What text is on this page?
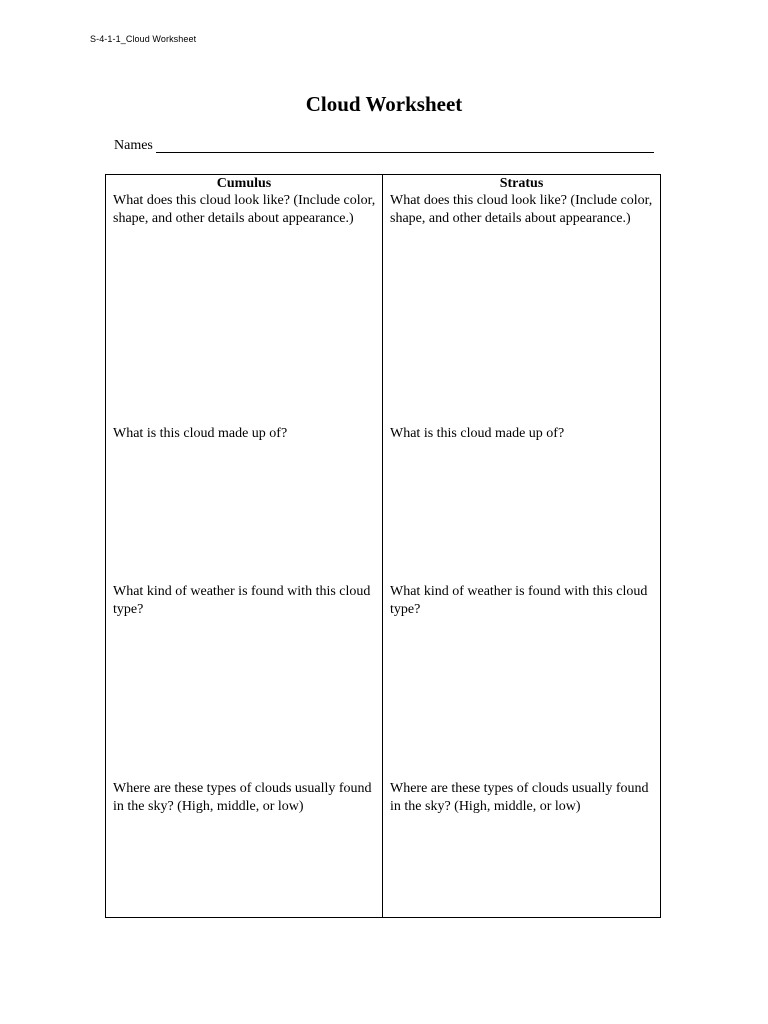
S-4-1-1_Cloud Worksheet
Cloud Worksheet
Names
Cumulus
What does this cloud look like? (Include color, shape, and other details about appearance.)
What is this cloud made up of?
What kind of weather is found with this cloud type?
Where are these types of clouds usually found in the sky? (High, middle, or low)
Stratus
What does this cloud look like? (Include color, shape, and other details about appearance.)
What is this cloud made up of?
What kind of weather is found with this cloud type?
Where are these types of clouds usually found in the sky? (High, middle, or low)
